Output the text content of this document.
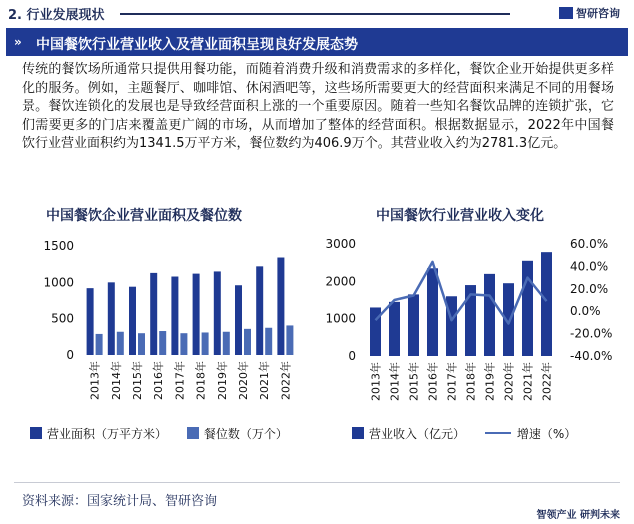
2. 行业发展现状	智研咨询
» 中国餐饮行业营业收入及营业面积呈现良好发展态势

传统的餐饮场所通常只提供用餐功能，而随着消费升级和消费需求的多样化，餐饮企业开始提供更多样化的服务。例如，主题餐厅、咖啡馆、休闲酒吧等，这些场所需要更大的经营面积来满足不同的用餐场景。餐饮连锁化的发展也是导致经营面积上涨的一个重要原因。随着一些知名餐饮品牌的连锁扩张，它们需要更多的门店来覆盖更广阔的市场，从而增加了整体的经营面积。根据数据显示，2022年中国餐饮行业营业面积约为1341.5万平方米，餐位数约为406.9万个。其营业收入约为2781.3亿元。

中国餐饮企业营业面积及餐位数	中国餐饮行业营业收入变化
0
500
1000
1500
2013年 2014年 2015年 2016年 2017年 2018年 2019年 2020年 2021年 2022年
0
1000
2000
3000
-40.0%
-20.0%
0.0%
20.0%
40.0%
60.0%
2013年 2014年 2015年 2016年 2017年 2018年 2019年 2020年 2021年 2022年
营业面积（万平方米）	餐位数（万个）	营业收入（亿元）	增速（%）
资料来源：国家统计局、智研咨询
智领产业 研判未来
